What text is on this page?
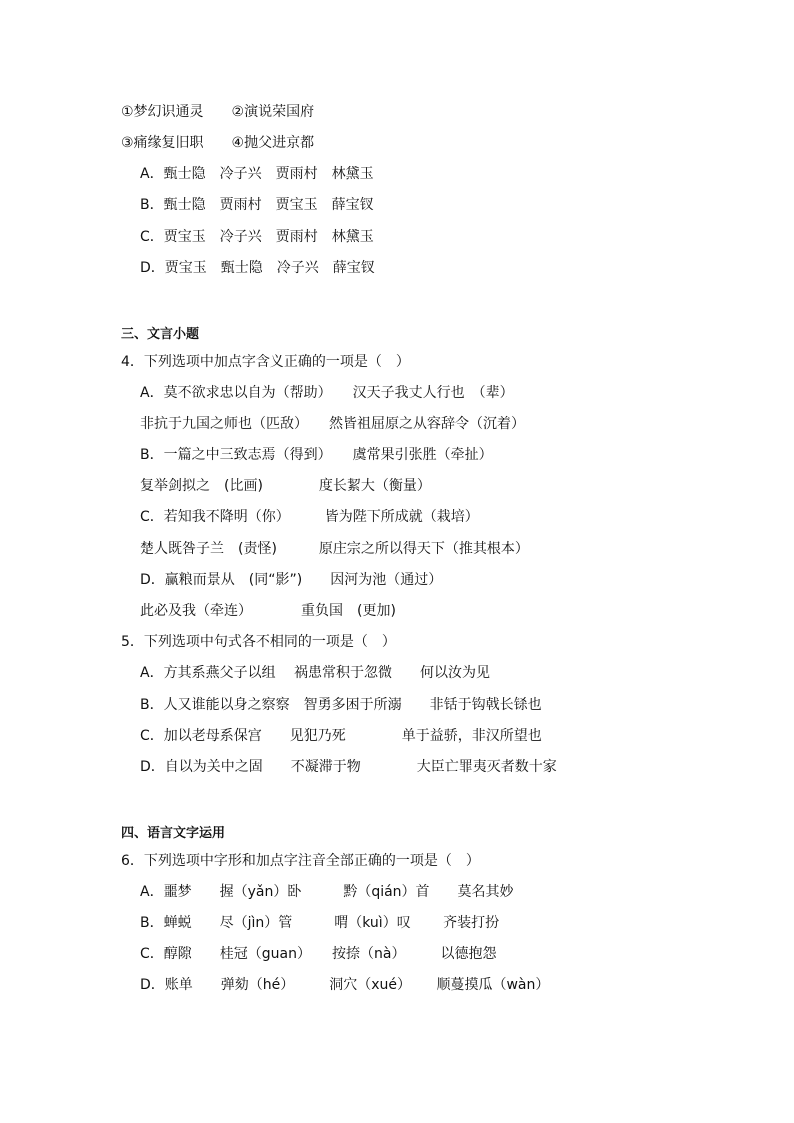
①梦幻识通灵　　②演说荣国府
③痛缘复旧职　　④抛父进京都
A．甄士隐　冷子兴　贾雨村　林黛玉
B．甄士隐　贾雨村　贾宝玉　薛宝钗
C．贾宝玉　冷子兴　贾雨村　林黛玉
D．贾宝玉　甄士隐　冷子兴　薛宝钗
三、文言小题
4．下列选项中加点字含义正确的一项是（　）
A．莫不欲求忠以自为（帮助）　　汉天子我丈人行也　（辈）
非抗于九国之师也（匹敌）　　然皆祖屈原之从容辞令（沉着）
B．一篇之中三致志焉（得到）　　虞常果引张胜（牵扯）
复举剑拟之　(比画)　　　　度长絜大（衡量）
C．若知我不降明（你）　　　皆为陛下所成就（栽培）
楚人既咎子兰　(责怪)　　　原庄宗之所以得天下（推其根本）
D．赢粮而景从　(同“影”)　　因河为池（通过）
此必及我（牵连）　　　　重负国　(更加)
5．下列选项中句式各不相同的一项是（　）
A．方其系燕父子以组　 祸患常积于忽微　　何以汝为见
B．人又谁能以身之察察　智勇多困于所溺　　非铦于钩戟长铩也
C．加以老母系保宫　　见犯乃死　　　　单于益骄，非汉所望也
D．自以为关中之固　　不凝滞于物　　　　大臣亡罪夷灭者数十家
四、语言文字运用
6．下列选项中字形和加点字注音全部正确的一项是（　）
A．噩梦　　握（yǎn）卧　　　黔（qián）首　　莫名其妙
B．蝉蜕　　尽（jìn）管　　　喟（kuì）叹　　 齐装打扮
C．醇隙　　桂冠（guan）　　按捺（nà）　　　以德抱怨
D．账单　　弹劾（hé）　　　洞穴（xué）　　 顺蔓摸瓜（wàn）
